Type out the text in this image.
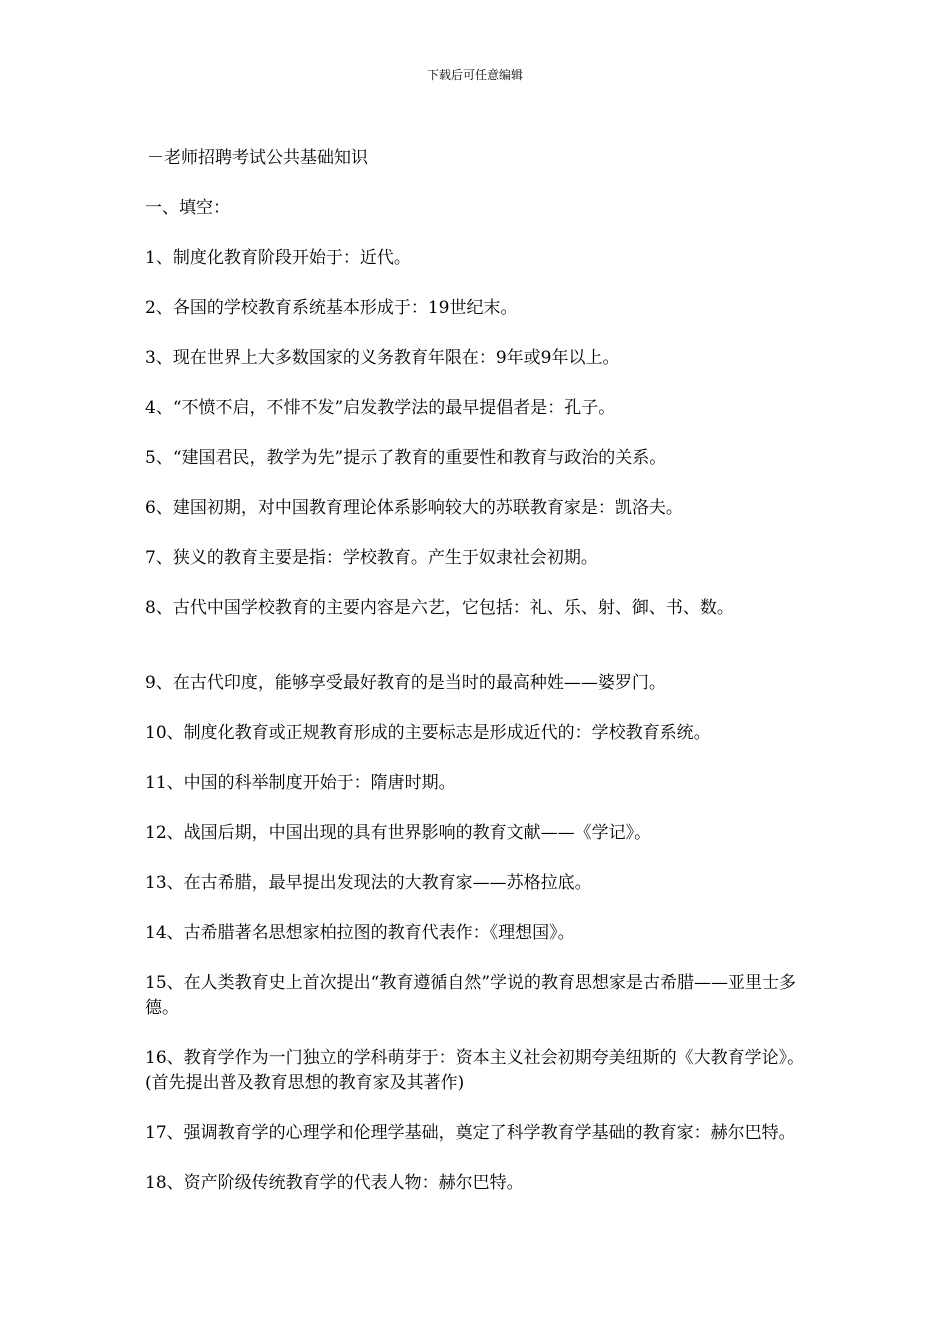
下载后可任意编辑
－老师招聘考试公共基础知识
一、填空：
1、制度化教育阶段开始于：近代。
2、各国的学校教育系统基本形成于：19世纪末。
3、现在世界上大多数国家的义务教育年限在：9年或9年以上。
4、“不愤不启，不悱不发”启发教学法的最早提倡者是：孔子。
5、“建国君民，教学为先”提示了教育的重要性和教育与政治的关系。
6、建国初期，对中国教育理论体系影响较大的苏联教育家是：凯洛夫。
7、狭义的教育主要是指：学校教育。产生于奴隶社会初期。
8、古代中国学校教育的主要内容是六艺，它包括：礼、乐、射、御、书、数。
9、在古代印度，能够享受最好教育的是当时的最高种姓——婆罗门。
10、制度化教育或正规教育形成的主要标志是形成近代的：学校教育系统。
11、中国的科举制度开始于：隋唐时期。
12、战国后期，中国出现的具有世界影响的教育文献——《学记》。
13、在古希腊，最早提出发现法的大教育家——苏格拉底。
14、古希腊著名思想家柏拉图的教育代表作：《理想国》。
15、在人类教育史上首次提出“教育遵循自然”学说的教育思想家是古希腊——亚里士多德。
16、教育学作为一门独立的学科萌芽于：资本主义社会初期夸美纽斯的《大教育学论》。(首先提出普及教育思想的教育家及其著作)
17、强调教育学的心理学和伦理学基础，奠定了科学教育学基础的教育家：赫尔巴特。
18、资产阶级传统教育学的代表人物：赫尔巴特。
